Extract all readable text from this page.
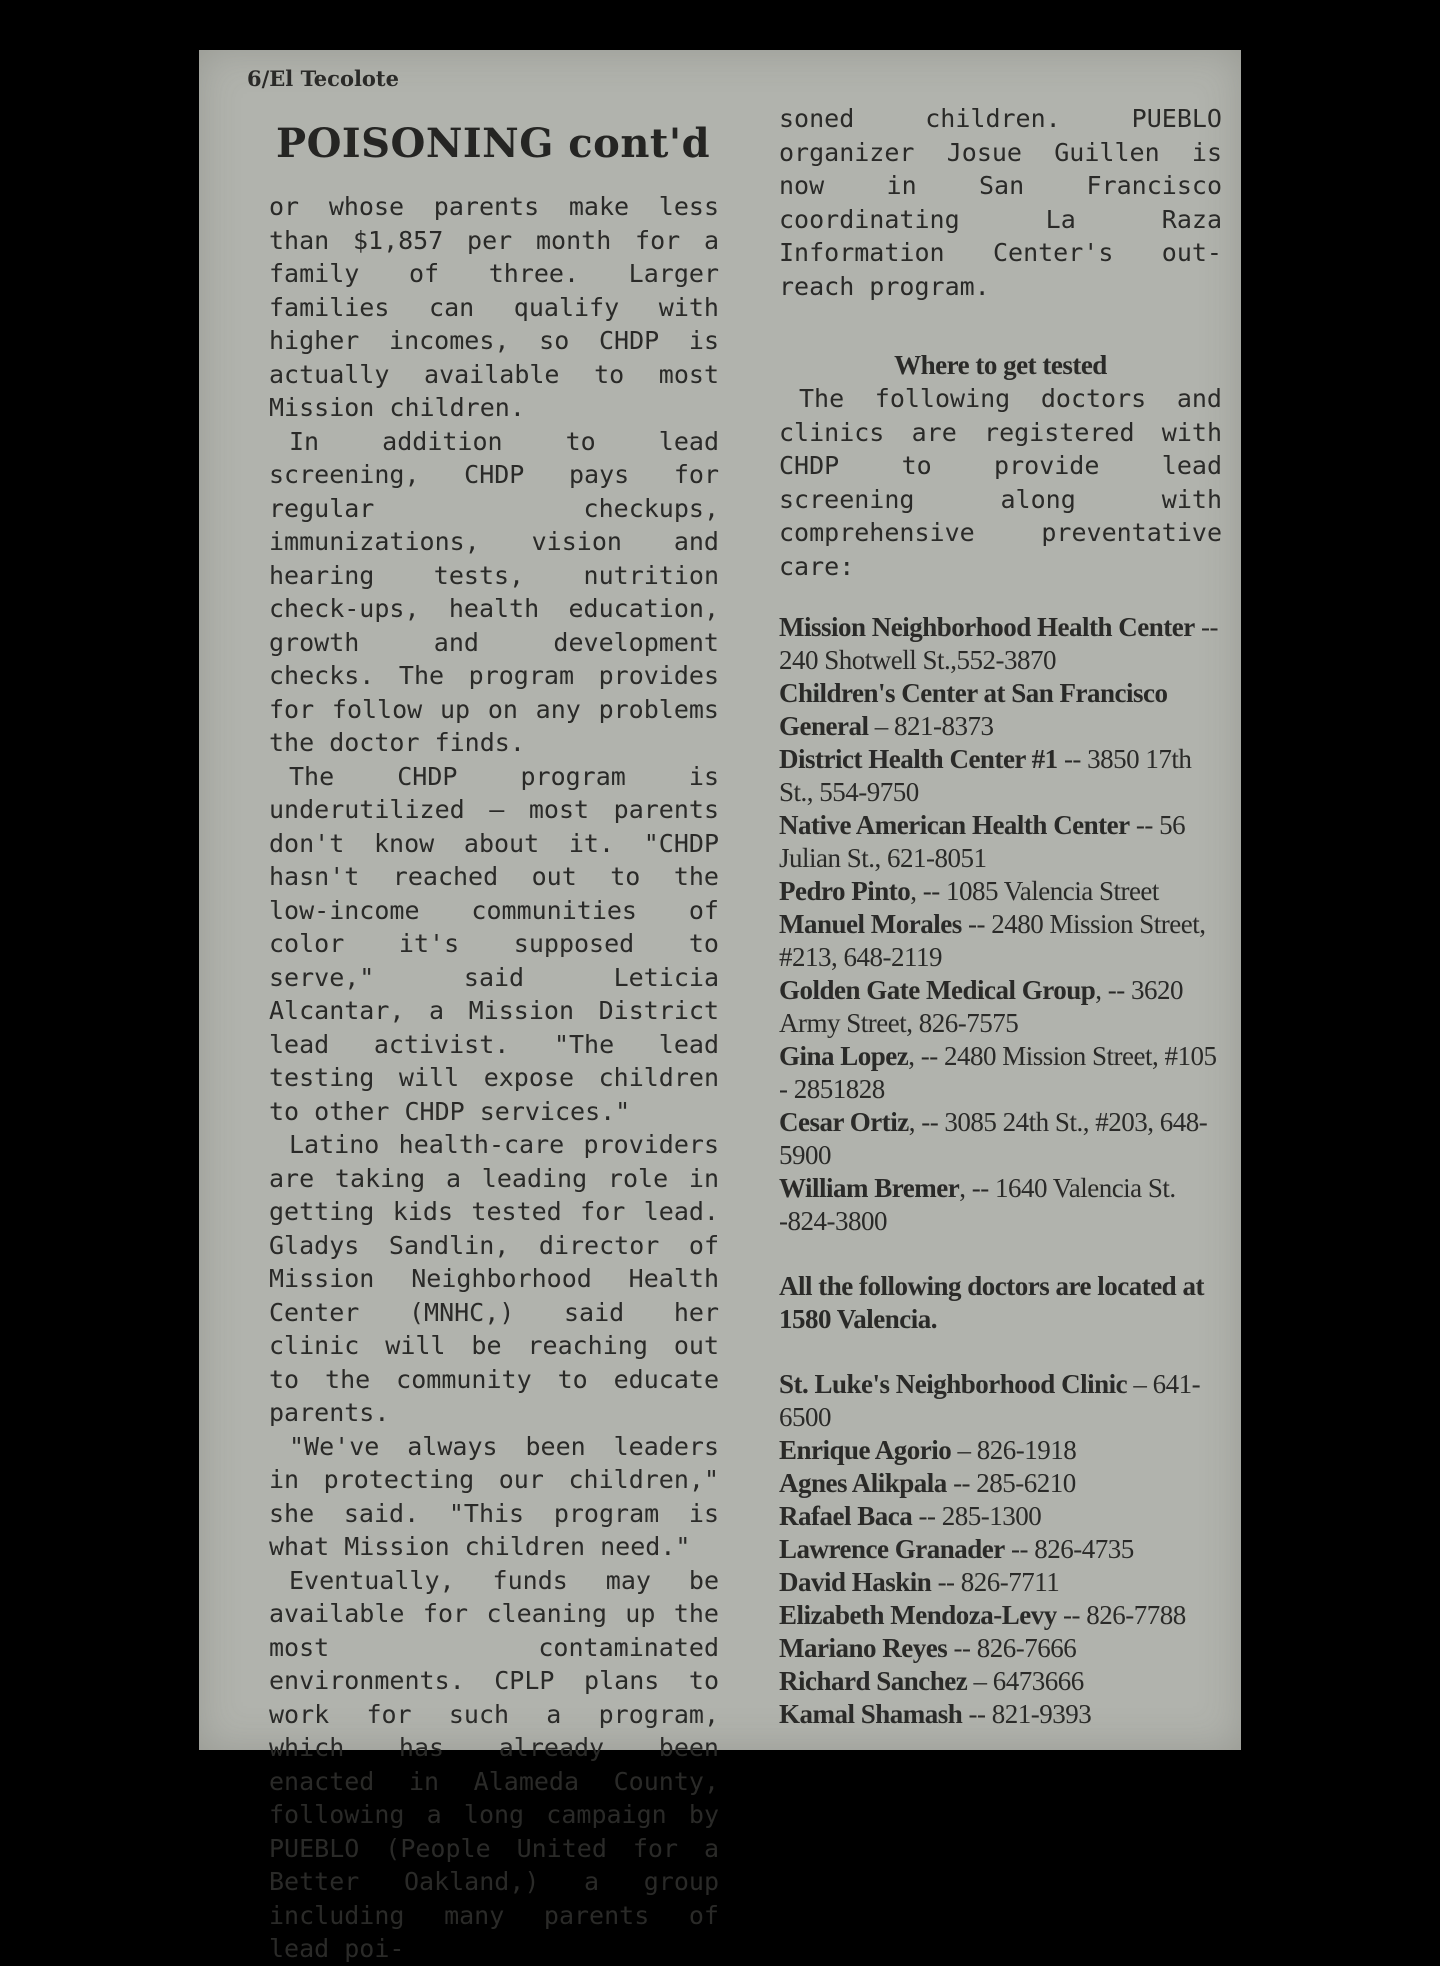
6/El Tecolote
POISONING cont'd

or whose parents make less than $1,857 per month for a family of three. Larger families can qualify with higher incomes, so CHDP is actually available to most Mission children.

In addition to lead screening, CHDP pays for regular checkups, immunizations, vision and hearing tests, nutrition check-ups, health education, growth and development checks. The program provides for follow up on any problems the doctor finds.

The CHDP program is underutilized — most parents don't know about it. "CHDP hasn't reached out to the low-income communities of color it's supposed to serve," said Leticia Alcantar, a Mission District lead activist. "The lead testing will expose children to other CHDP services."

Latino health-care providers are taking a leading role in getting kids tested for lead. Gladys Sandlin, director of Mission Neighborhood Health Center (MNHC,) said her clinic will be reaching out to the community to educate parents.

"We've always been leaders in protecting our children," she said. "This program is what Mission children need."

Eventually, funds may be available for cleaning up the most contaminated environments. CPLP plans to work for such a program, which has already been enacted in Alameda County, following a long campaign by PUEBLO (People United for a Better Oakland,) a group including many parents of lead poi-

soned children. PUEBLO organizer Josue Guillen is now in San Francisco coordinating La Raza Information Center's out-reach program.

Where to get tested

The following doctors and clinics are registered with CHDP to provide lead screening along with comprehensive preventative care:

Mission Neighborhood Health Center -- 240 Shotwell St.,552-3870
Children's Center at San Francisco General – 821-8373
District Health Center #1 -- 3850 17th St., 554-9750
Native American Health Center -- 56 Julian St., 621-8051
Pedro Pinto, -- 1085 Valencia Street
Manuel Morales -- 2480 Mission Street, #213, 648-2119
Golden Gate Medical Group, -- 3620 Army Street, 826-7575
Gina Lopez, -- 2480 Mission Street, #105 - 2851828
Cesar Ortiz, -- 3085 24th St., #203, 648-5900
William Bremer, -- 1640 Valencia St. -824-3800

All the following doctors are located at 1580 Valencia.

St. Luke's Neighborhood Clinic – 641-6500
Enrique Agorio – 826-1918
Agnes Alikpala -- 285-6210
Rafael Baca -- 285-1300
Lawrence Granader -- 826-4735
David Haskin -- 826-7711
Elizabeth Mendoza-Levy -- 826-7788
Mariano Reyes -- 826-7666
Richard Sanchez – 6473666
Kamal Shamash -- 821-9393
